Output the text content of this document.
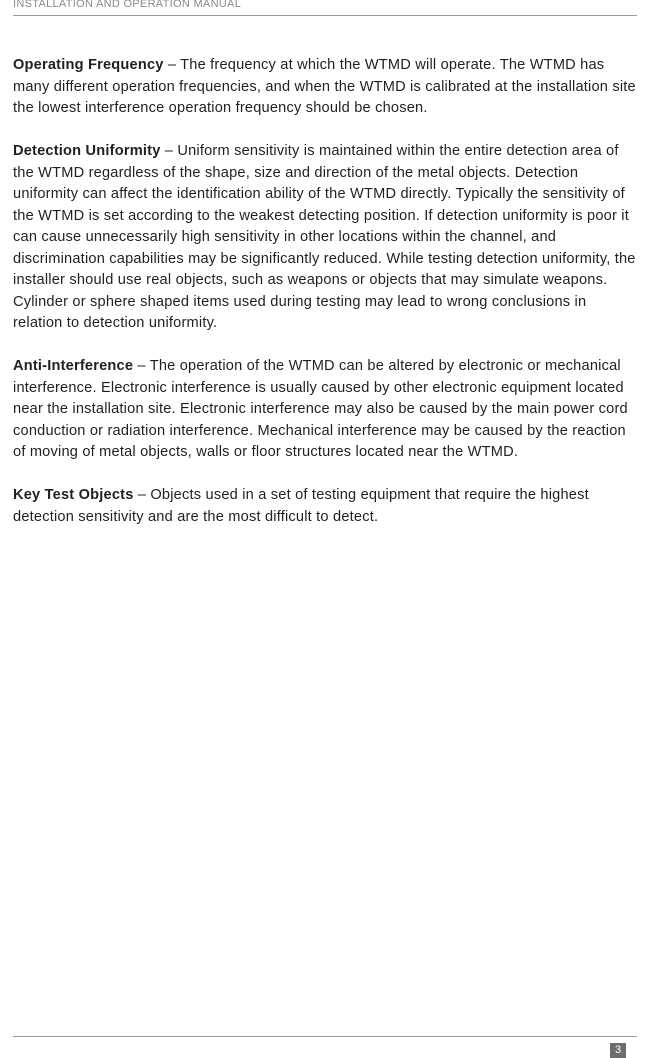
INSTALLATION AND OPERATION MANUAL

Operating Frequency – The frequency at which the WTMD will operate. The WTMD has many different operation frequencies, and when the WTMD is calibrated at the installation site the lowest interference operation frequency should be chosen.

Detection Uniformity – Uniform sensitivity is maintained within the entire detection area of the WTMD regardless of the shape, size and direction of the metal objects. Detection uniformity can affect the identification ability of the WTMD directly. Typically the sensitivity of the WTMD is set according to the weakest detecting position. If detection uniformity is poor it can cause unnecessarily high sensitivity in other locations within the channel, and discrimination capabilities may be significantly reduced. While testing detection uniformity, the installer should use real objects, such as weapons or objects that may simulate weapons. Cylinder or sphere shaped items used during testing may lead to wrong conclusions in relation to detection uniformity.

Anti-Interference – The operation of the WTMD can be altered by electronic or mechanical interference. Electronic interference is usually caused by other electronic equipment located near the installation site. Electronic interference may also be caused by the main power cord conduction or radiation interference. Mechanical interference may be caused by the reaction of moving of metal objects, walls or floor structures located near the WTMD.

Key Test Objects – Objects used in a set of testing equipment that require the highest detection sensitivity and are the most difficult to detect.

3
